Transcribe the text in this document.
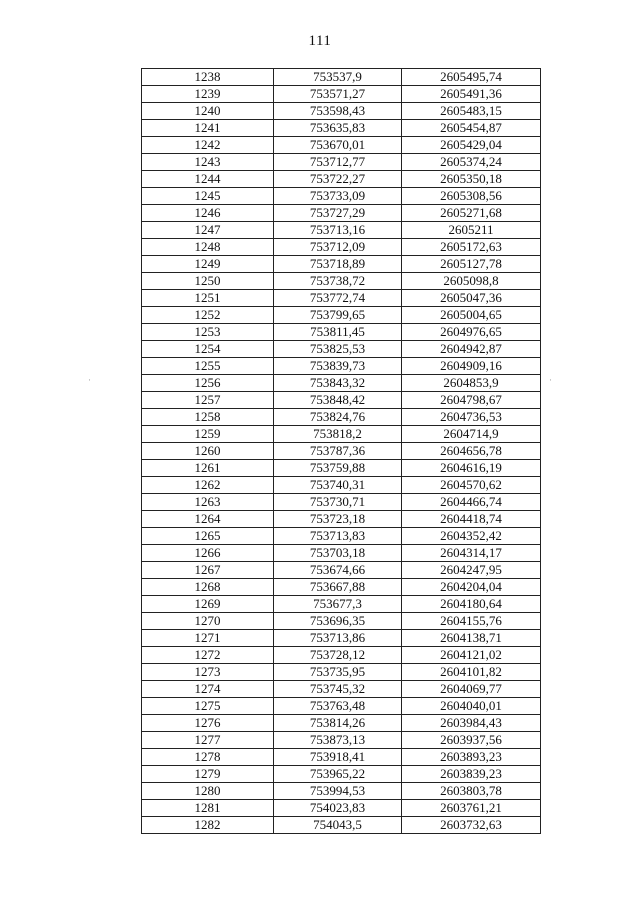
111
1238	753537,9	2605495,74
1239	753571,27	2605491,36
1240	753598,43	2605483,15
1241	753635,83	2605454,87
1242	753670,01	2605429,04
1243	753712,77	2605374,24
1244	753722,27	2605350,18
1245	753733,09	2605308,56
1246	753727,29	2605271,68
1247	753713,16	2605211
1248	753712,09	2605172,63
1249	753718,89	2605127,78
1250	753738,72	2605098,8
1251	753772,74	2605047,36
1252	753799,65	2605004,65
1253	753811,45	2604976,65
1254	753825,53	2604942,87
1255	753839,73	2604909,16
1256	753843,32	2604853,9
1257	753848,42	2604798,67
1258	753824,76	2604736,53
1259	753818,2	2604714,9
1260	753787,36	2604656,78
1261	753759,88	2604616,19
1262	753740,31	2604570,62
1263	753730,71	2604466,74
1264	753723,18	2604418,74
1265	753713,83	2604352,42
1266	753703,18	2604314,17
1267	753674,66	2604247,95
1268	753667,88	2604204,04
1269	753677,3	2604180,64
1270	753696,35	2604155,76
1271	753713,86	2604138,71
1272	753728,12	2604121,02
1273	753735,95	2604101,82
1274	753745,32	2604069,77
1275	753763,48	2604040,01
1276	753814,26	2603984,43
1277	753873,13	2603937,56
1278	753918,41	2603893,23
1279	753965,22	2603839,23
1280	753994,53	2603803,78
1281	754023,83	2603761,21
1282	754043,5	2603732,63
·	·
